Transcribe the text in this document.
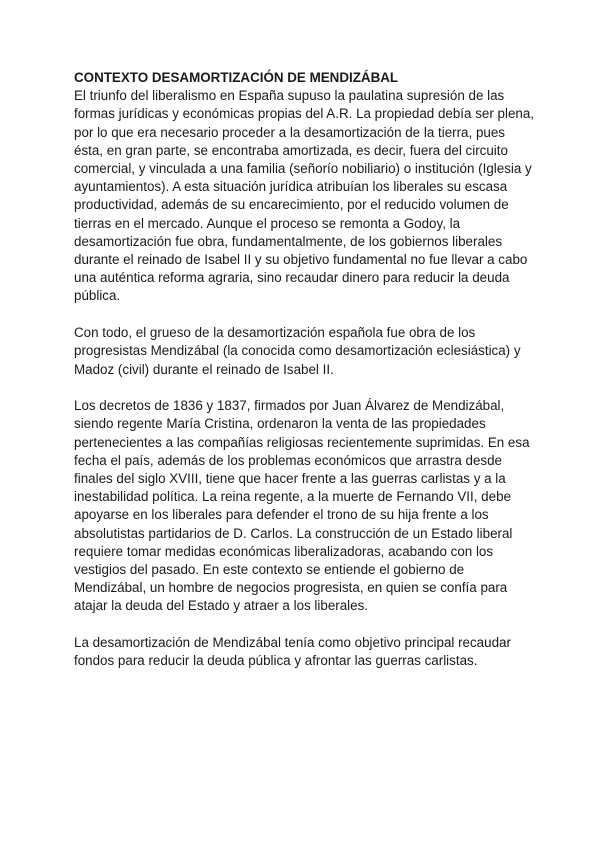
CONTEXTO DESAMORTIZACIÓN DE MENDIZÁBAL

El triunfo del liberalismo en España supuso la paulatina supresión de las formas jurídicas y económicas propias del A.R. La propiedad debía ser plena, por lo que era necesario proceder a la desamortización de la tierra, pues ésta, en gran parte, se encontraba amortizada, es decir, fuera del circuito comercial, y vinculada a una familia (señorío nobiliario) o institución (Iglesia y ayuntamientos). A esta situación jurídica atribuían los liberales su escasa productividad, además de su encarecimiento, por el reducido volumen de tierras en el mercado. Aunque el proceso se remonta a Godoy, la desamortización fue obra, fundamentalmente, de los gobiernos liberales durante el reinado de Isabel II y su objetivo fundamental no fue llevar a cabo una auténtica reforma agraria, sino recaudar dinero para reducir la deuda pública.

Con todo, el grueso de la desamortización española fue obra de los progresistas Mendizábal (la conocida como desamortización eclesiástica) y Madoz (civil) durante el reinado de Isabel II.

Los decretos de 1836 y 1837, firmados por Juan Álvarez de Mendizábal, siendo regente María Cristina, ordenaron la venta de las propiedades pertenecientes a las compañías religiosas recientemente suprimidas. En esa fecha el país, además de los problemas económicos que arrastra desde finales del siglo XVIII, tiene que hacer frente a las guerras carlistas y a la inestabilidad política. La reina regente, a la muerte de Fernando VII, debe apoyarse en los liberales para defender el trono de su hija frente a los absolutistas partidarios de D. Carlos. La construcción de un Estado liberal requiere tomar medidas económicas liberalizadoras, acabando con los vestigios del pasado. En este contexto se entiende el gobierno de Mendizábal, un hombre de negocios progresista, en quien se confía para atajar la deuda del Estado y atraer a los liberales.

La desamortización de Mendizábal tenía como objetivo principal recaudar fondos para reducir la deuda pública y afrontar las guerras carlistas.
